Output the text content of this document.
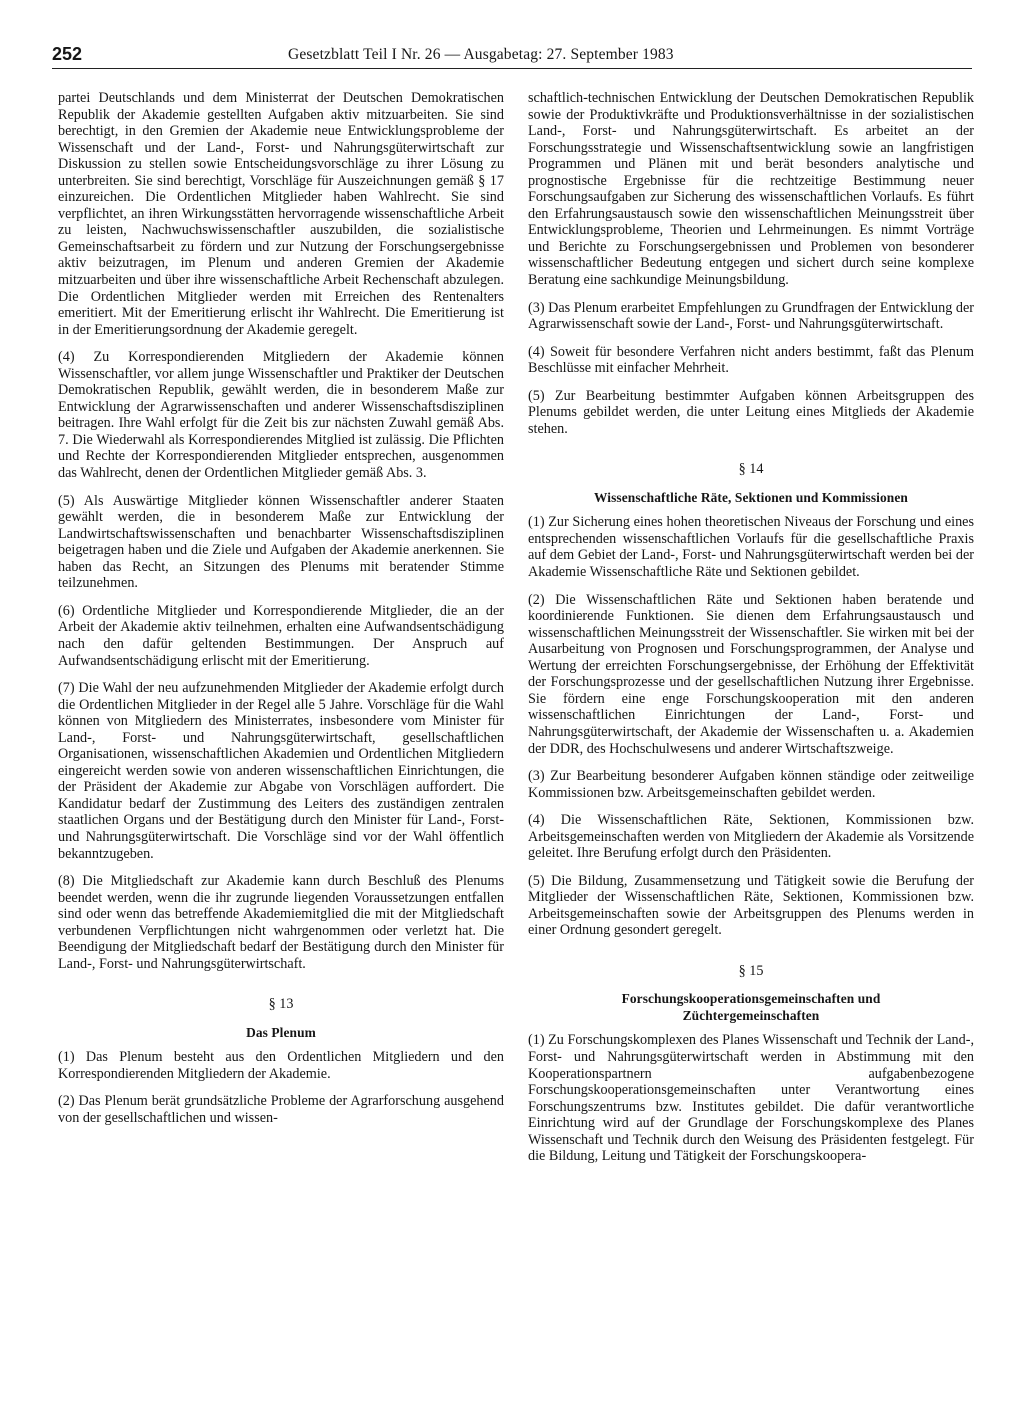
252	Gesetzblatt Teil I Nr. 26 — Ausgabetag: 27. September 1983

partei Deutschlands und dem Ministerrat der Deutschen Demokratischen Republik der Akademie gestellten Aufgaben aktiv mitzuarbeiten. Sie sind berechtigt, in den Gremien der Akademie neue Entwicklungsprobleme der Wissenschaft und der Land-, Forst- und Nahrungsgüterwirtschaft zur Diskussion zu stellen sowie Entscheidungsvorschläge zu ihrer Lösung zu unterbreiten. Sie sind berechtigt, Vorschläge für Auszeichnungen gemäß § 17 einzureichen. Die Ordentlichen Mitglieder haben Wahlrecht. Sie sind verpflichtet, an ihren Wirkungsstätten hervorragende wissenschaftliche Arbeit zu leisten, Nachwuchswissenschaftler auszubilden, die sozialistische Gemeinschaftsarbeit zu fördern und zur Nutzung der Forschungsergebnisse aktiv beizutragen, im Plenum und anderen Gremien der Akademie mitzuarbeiten und über ihre wissenschaftliche Arbeit Rechenschaft abzulegen. Die Ordentlichen Mitglieder werden mit Erreichen des Rentenalters emeritiert. Mit der Emeritierung erlischt ihr Wahlrecht. Die Emeritierung ist in der Emeritierungsordnung der Akademie geregelt.

(4) Zu Korrespondierenden Mitgliedern der Akademie können Wissenschaftler, vor allem junge Wissenschaftler und Praktiker der Deutschen Demokratischen Republik, gewählt werden, die in besonderem Maße zur Entwicklung der Agrarwissenschaften und anderer Wissenschaftsdisziplinen beitragen. Ihre Wahl erfolgt für die Zeit bis zur nächsten Zuwahl gemäß Abs. 7. Die Wiederwahl als Korrespondierendes Mitglied ist zulässig. Die Pflichten und Rechte der Korrespondierenden Mitglieder entsprechen, ausgenommen das Wahlrecht, denen der Ordentlichen Mitglieder gemäß Abs. 3.

(5) Als Auswärtige Mitglieder können Wissenschaftler anderer Staaten gewählt werden, die in besonderem Maße zur Entwicklung der Landwirtschaftswissenschaften und benachbarter Wissenschaftsdisziplinen beigetragen haben und die Ziele und Aufgaben der Akademie anerkennen. Sie haben das Recht, an Sitzungen des Plenums mit beratender Stimme teilzunehmen.

(6) Ordentliche Mitglieder und Korrespondierende Mitglieder, die an der Arbeit der Akademie aktiv teilnehmen, erhalten eine Aufwandsentschädigung nach den dafür geltenden Bestimmungen. Der Anspruch auf Aufwandsentschädigung erlischt mit der Emeritierung.

(7) Die Wahl der neu aufzunehmenden Mitglieder der Akademie erfolgt durch die Ordentlichen Mitglieder in der Regel alle 5 Jahre. Vorschläge für die Wahl können von Mitgliedern des Ministerrates, insbesondere vom Minister für Land-, Forst- und Nahrungsgüterwirtschaft, gesellschaftlichen Organisationen, wissenschaftlichen Akademien und Ordentlichen Mitgliedern eingereicht werden sowie von anderen wissenschaftlichen Einrichtungen, die der Präsident der Akademie zur Abgabe von Vorschlägen auffordert. Die Kandidatur bedarf der Zustimmung des Leiters des zuständigen zentralen staatlichen Organs und der Bestätigung durch den Minister für Land-, Forst- und Nahrungsgüterwirtschaft. Die Vorschläge sind vor der Wahl öffentlich bekanntzugeben.

(8) Die Mitgliedschaft zur Akademie kann durch Beschluß des Plenums beendet werden, wenn die ihr zugrunde liegenden Voraussetzungen entfallen sind oder wenn das betreffende Akademiemitglied die mit der Mitgliedschaft verbundenen Verpflichtungen nicht wahrgenommen oder verletzt hat. Die Beendigung der Mitgliedschaft bedarf der Bestätigung durch den Minister für Land-, Forst- und Nahrungsgüterwirtschaft.

§ 13
Das Plenum

(1) Das Plenum besteht aus den Ordentlichen Mitgliedern und den Korrespondierenden Mitgliedern der Akademie.

(2) Das Plenum berät grundsätzliche Probleme der Agrarforschung ausgehend von der gesellschaftlichen und wissen-

schaftlich-technischen Entwicklung der Deutschen Demokratischen Republik sowie der Produktivkräfte und Produktionsverhältnisse in der sozialistischen Land-, Forst- und Nahrungsgüterwirtschaft. Es arbeitet an der Forschungsstrategie und Wissenschaftsentwicklung sowie an langfristigen Programmen und Plänen mit und berät besonders analytische und prognostische Ergebnisse für die rechtzeitige Bestimmung neuer Forschungsaufgaben zur Sicherung des wissenschaftlichen Vorlaufs. Es führt den Erfahrungsaustausch sowie den wissenschaftlichen Meinungsstreit über Entwicklungsprobleme, Theorien und Lehrmeinungen. Es nimmt Vorträge und Berichte zu Forschungsergebnissen und Problemen von besonderer wissenschaftlicher Bedeutung entgegen und sichert durch seine komplexe Beratung eine sachkundige Meinungsbildung.

(3) Das Plenum erarbeitet Empfehlungen zu Grundfragen der Entwicklung der Agrarwissenschaft sowie der Land-, Forst- und Nahrungsgüterwirtschaft.

(4) Soweit für besondere Verfahren nicht anders bestimmt, faßt das Plenum Beschlüsse mit einfacher Mehrheit.

(5) Zur Bearbeitung bestimmter Aufgaben können Arbeitsgruppen des Plenums gebildet werden, die unter Leitung eines Mitglieds der Akademie stehen.

§ 14
Wissenschaftliche Räte, Sektionen und Kommissionen

(1) Zur Sicherung eines hohen theoretischen Niveaus der Forschung und eines entsprechenden wissenschaftlichen Vorlaufs für die gesellschaftliche Praxis auf dem Gebiet der Land-, Forst- und Nahrungsgüterwirtschaft werden bei der Akademie Wissenschaftliche Räte und Sektionen gebildet.

(2) Die Wissenschaftlichen Räte und Sektionen haben beratende und koordinierende Funktionen. Sie dienen dem Erfahrungsaustausch und wissenschaftlichen Meinungsstreit der Wissenschaftler. Sie wirken mit bei der Ausarbeitung von Prognosen und Forschungsprogrammen, der Analyse und Wertung der erreichten Forschungsergebnisse, der Erhöhung der Effektivität der Forschungsprozesse und der gesellschaftlichen Nutzung ihrer Ergebnisse. Sie fördern eine enge Forschungskooperation mit den anderen wissenschaftlichen Einrichtungen der Land-, Forst- und Nahrungsgüterwirtschaft, der Akademie der Wissenschaften u. a. Akademien der DDR, des Hochschulwesens und anderer Wirtschaftszweige.

(3) Zur Bearbeitung besonderer Aufgaben können ständige oder zeitweilige Kommissionen bzw. Arbeitsgemeinschaften gebildet werden.

(4) Die Wissenschaftlichen Räte, Sektionen, Kommissionen bzw. Arbeitsgemeinschaften werden von Mitgliedern der Akademie als Vorsitzende geleitet. Ihre Berufung erfolgt durch den Präsidenten.

(5) Die Bildung, Zusammensetzung und Tätigkeit sowie die Berufung der Mitglieder der Wissenschaftlichen Räte, Sektionen, Kommissionen bzw. Arbeitsgemeinschaften sowie der Arbeitsgruppen des Plenums werden in einer Ordnung gesondert geregelt.

§ 15
Forschungskooperationsgemeinschaften und
Züchtergemeinschaften

(1) Zu Forschungskomplexen des Planes Wissenschaft und Technik der Land-, Forst- und Nahrungsgüterwirtschaft werden in Abstimmung mit den Kooperationspartnern aufgabenbezogene Forschungskooperationsgemeinschaften unter Verantwortung eines Forschungszentrums bzw. Institutes gebildet. Die dafür verantwortliche Einrichtung wird auf der Grundlage der Forschungskomplexe des Planes Wissenschaft und Technik durch den Weisung des Präsidenten festgelegt. Für die Bildung, Leitung und Tätigkeit der Forschungskoopera-
